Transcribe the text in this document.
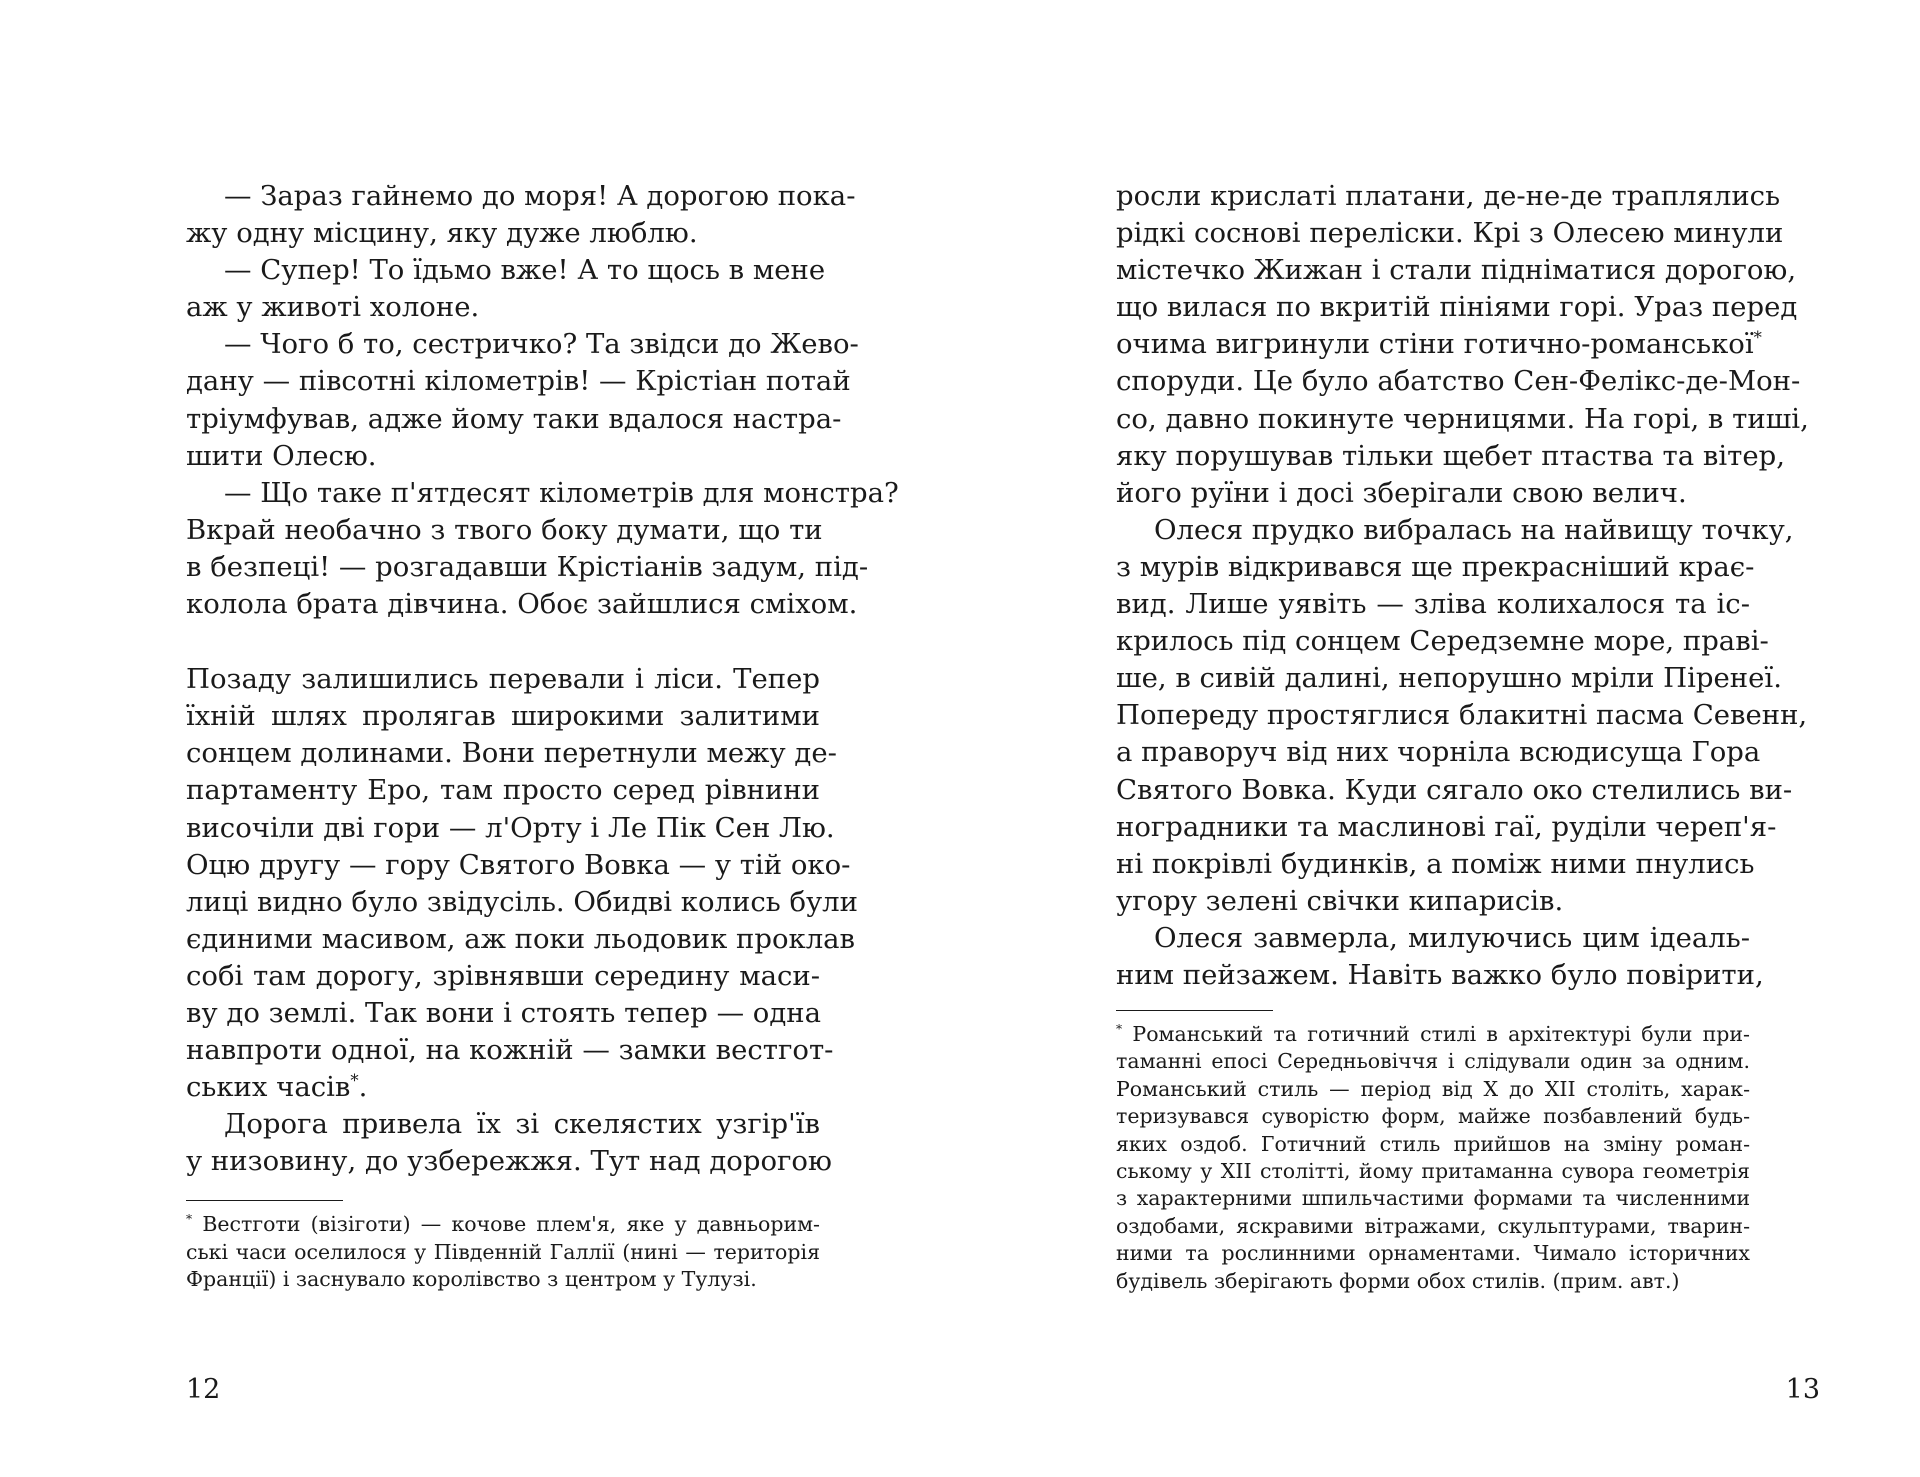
— Зараз гайнемо до моря! А дорогою пока-
жу одну місцину, яку дуже люблю.
— Супер! То їдьмо вже! А то щось в мене
аж у животі холоне.
— Чого б то, сестричко? Та звідси до Жево-
дану — півсотні кілометрів! — Крістіан потай
тріумфував, адже йому таки вдалося настра-
шити Олесю.
— Що таке п'ятдесят кілометрів для монстра?
Вкрай необачно з твого боку думати, що ти
в безпеці! — розгадавши Крістіанів задум, під-
колола брата дівчина. Обоє зайшлися сміхом.
Позаду залишились перевали і ліси. Тепер
їхній шлях пролягав широкими залитими
сонцем долинами. Вони перетнули межу де-
партаменту Еро, там просто серед рівнини
височіли дві гори — л'Орту і Ле Пік Сен Лю.
Оцю другу — гору Святого Вовка — у тій око-
лиці видно було звідусіль. Обидві колись були
єдиними масивом, аж поки льодовик проклав
собі там дорогу, зрівнявши середину маси-
ву до землі. Так вони і стоять тепер — одна
навпроти одної, на кожній — замки вестгот-
ських часів*.
Дорога привела їх зі скелястих узгір'їв
у низовину, до узбережжя. Тут над дорогою
* Вестготи (візіготи) — кочове плем'я, яке у давньорим-
ські часи оселилося у Південній Галлії (нині — територія
Франції) і заснувало королівство з центром у Тулузі.
12
росли крислаті платани, де-не-де траплялись
рідкі соснові перелiски. Крі з Олесею минули
містечко Жижан і стали підніматися дорогою,
що вилася по вкритій пініями горі. Ураз перед
очима вигринули стіни готично-романської*
споруди. Це було абатство Сен-Фелікс-де-Мон-
со, давно покинуте черницями. На горі, в тиші,
яку порушував тільки щебет птаства та вітер,
його руїни і досі зберігали свою велич.
Олеся прудко вибралась на найвищу точку,
з мурів відкривався ще прекрасніший крає-
вид. Лише уявіть — зліва колихалося та іс-
крилось під сонцем Середземне море, праві-
ше, в сивій далині, непорушно мріли Піренеї.
Попереду простяглися блакитні пасма Севенн,
а праворуч від них чорніла всюдисуща Гора
Святого Вовка. Куди сягало око стелились ви-
ноградники та маслинові гаї, руділи череп'я-
ні покрівлі будинків, а поміж ними пнулись
угору зелені свічки кипарисів.
Олеся завмерла, милуючись цим ідеаль-
ним пейзажем. Навіть важко було повірити,
* Романський та готичний стилі в архітектурі були при-
таманні епосі Середньовіччя і слідували один за одним.
Романський стиль — період від X до XII століть, харак-
теризувався суворістю форм, майже позбавлений будь-
яких оздоб. Готичний стиль прийшов на зміну роман-
ському у XII столітті, йому притаманна сувора геометрія
з характерними шпильчастими формами та численними
оздобами, яскравими вітражами, скульптурами, тварин-
ними та рослинними орнаментами. Чимало історичних
будівель зберігають форми обох стилів. (прим. авт.)
13
